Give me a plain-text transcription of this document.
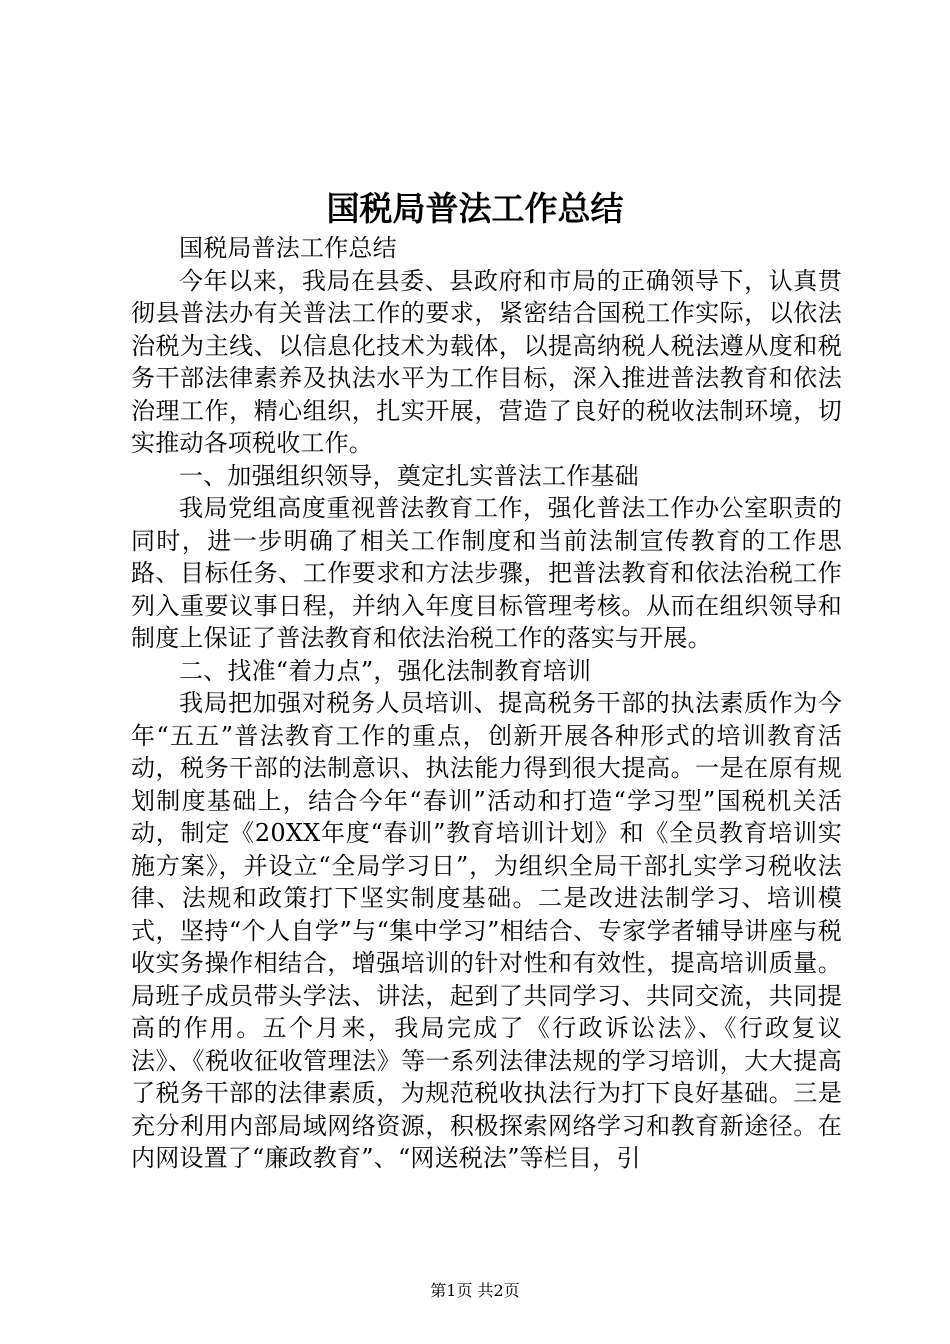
国税局普法工作总结

国税局普法工作总结

今年以来，我局在县委、县政府和市局的正确领导下，认真贯彻县普法办有关普法工作的要求，紧密结合国税工作实际，以依法治税为主线、以信息化技术为载体，以提高纳税人税法遵从度和税务干部法律素养及执法水平为工作目标，深入推进普法教育和依法治理工作，精心组织，扎实开展，营造了良好的税收法制环境，切实推动各项税收工作。

一、加强组织领导，奠定扎实普法工作基础

我局党组高度重视普法教育工作，强化普法工作办公室职责的同时，进一步明确了相关工作制度和当前法制宣传教育的工作思路、目标任务、工作要求和方法步骤，把普法教育和依法治税工作列入重要议事日程，并纳入年度目标管理考核。从而在组织领导和制度上保证了普法教育和依法治税工作的落实与开展。

二、找准“着力点”，强化法制教育培训

我局把加强对税务人员培训、提高税务干部的执法素质作为今年“五五”普法教育工作的重点，创新开展各种形式的培训教育活动，税务干部的法制意识、执法能力得到很大提高。一是在原有规划制度基础上，结合今年“春训”活动和打造“学习型”国税机关活动，制定《20XX年度“春训”教育培训计划》和《全员教育培训实施方案》，并设立“全局学习日”，为组织全局干部扎实学习税收法律、法规和政策打下坚实制度基础。二是改进法制学习、培训模式，坚持“个人自学”与“集中学习”相结合、专家学者辅导讲座与税收实务操作相结合，增强培训的针对性和有效性，提高培训质量。局班子成员带头学法、讲法，起到了共同学习、共同交流，共同提高的作用。五个月来，我局完成了《行政诉讼法》、《行政复议法》、《税收征收管理法》等一系列法律法规的学习培训，大大提高了税务干部的法律素质，为规范税收执法行为打下良好基础。三是充分利用内部局域网络资源，积极探索网络学习和教育新途径。在内网设置了“廉政教育”、“网送税法”等栏目，引

第1页 共2页
